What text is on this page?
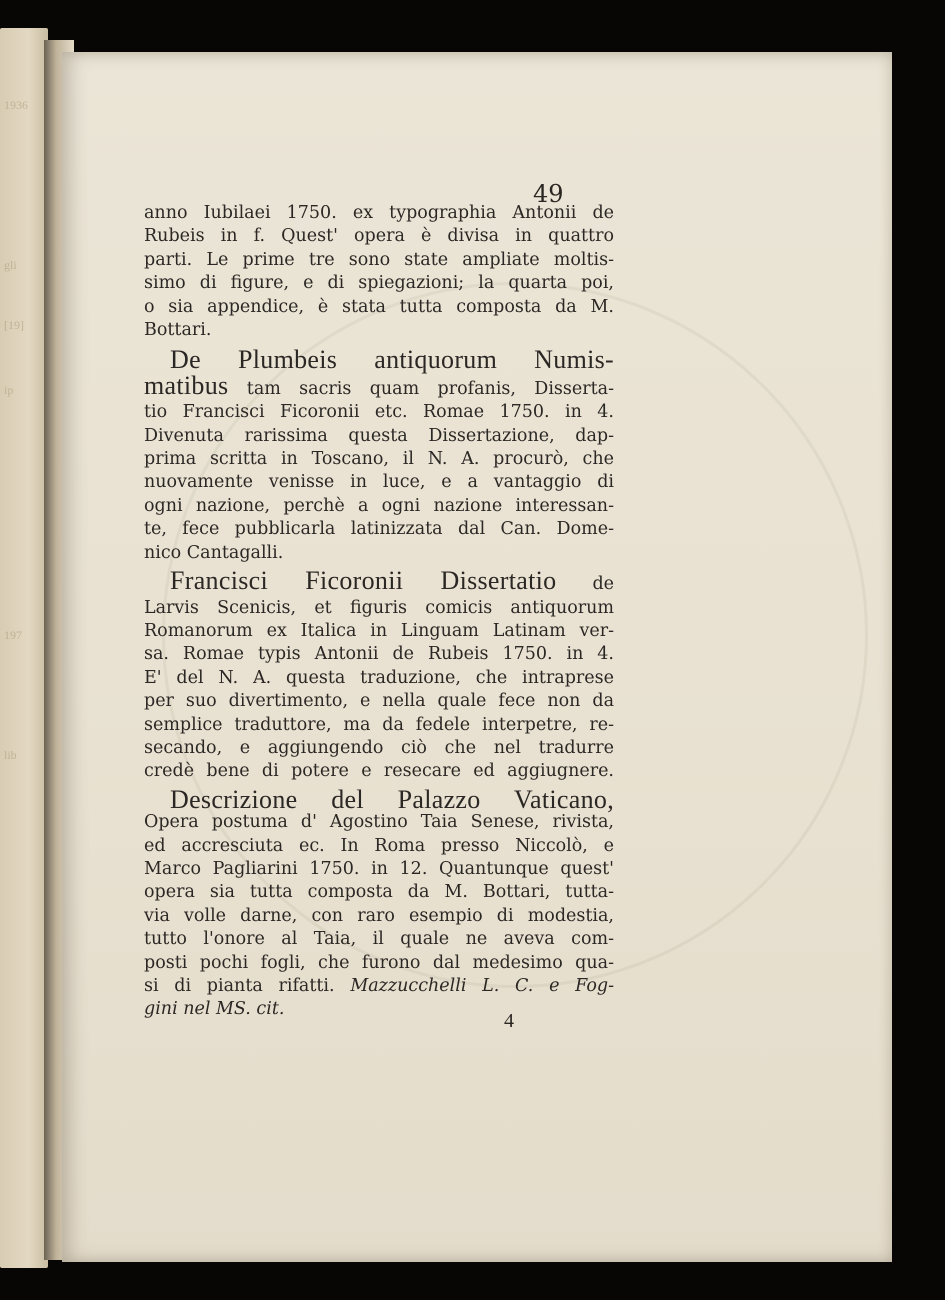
1936
gli
[19]
ip
197
lib
49
anno Iubilaei 1750. ex typographia Antonii de
Rubeis in f. Quest' opera è divisa in quattro
parti. Le prime tre sono state ampliate moltis-
simo di figure, e di spiegazioni; la quarta poi,
o sia appendice, è stata tutta composta da M.
Bottari.
De Plumbeis antiquorum Numis-
matibus tam sacris quam profanis, Disserta-
tio Francisci Ficoronii etc. Romae 1750. in 4.
Divenuta rarissima questa Dissertazione, dap-
prima scritta in Toscano, il N. A. procurò, che
nuovamente venisse in luce, e a vantaggio di
ogni nazione, perchè a ogni nazione interessan-
te, fece pubblicarla latinizzata dal Can. Dome-
nico Cantagalli.
Francisci Ficoronii Dissertatio de
Larvis Scenicis, et figuris comicis antiquorum
Romanorum ex Italica in Linguam Latinam ver-
sa. Romae typis Antonii de Rubeis 1750. in 4.
E' del N. A. questa traduzione, che intraprese
per suo divertimento, e nella quale fece non da
semplice traduttore, ma da fedele interpetre, re-
secando, e aggiungendo ciò che nel tradurre
credè bene di potere e resecare ed aggiugnere.
Descrizione del Palazzo Vaticano,
Opera postuma d' Agostino Taia Senese, rivista,
ed accresciuta ec. In Roma presso Niccolò, e
Marco Pagliarini 1750. in 12. Quantunque quest'
opera sia tutta composta da M. Bottari, tutta-
via volle darne, con raro esempio di modestia,
tutto l'onore al Taia, il quale ne aveva com-
posti pochi fogli, che furono dal medesimo qua-
si di pianta rifatti. Mazzucchelli L. C. e Fog-
gini nel MS. cit.
4
